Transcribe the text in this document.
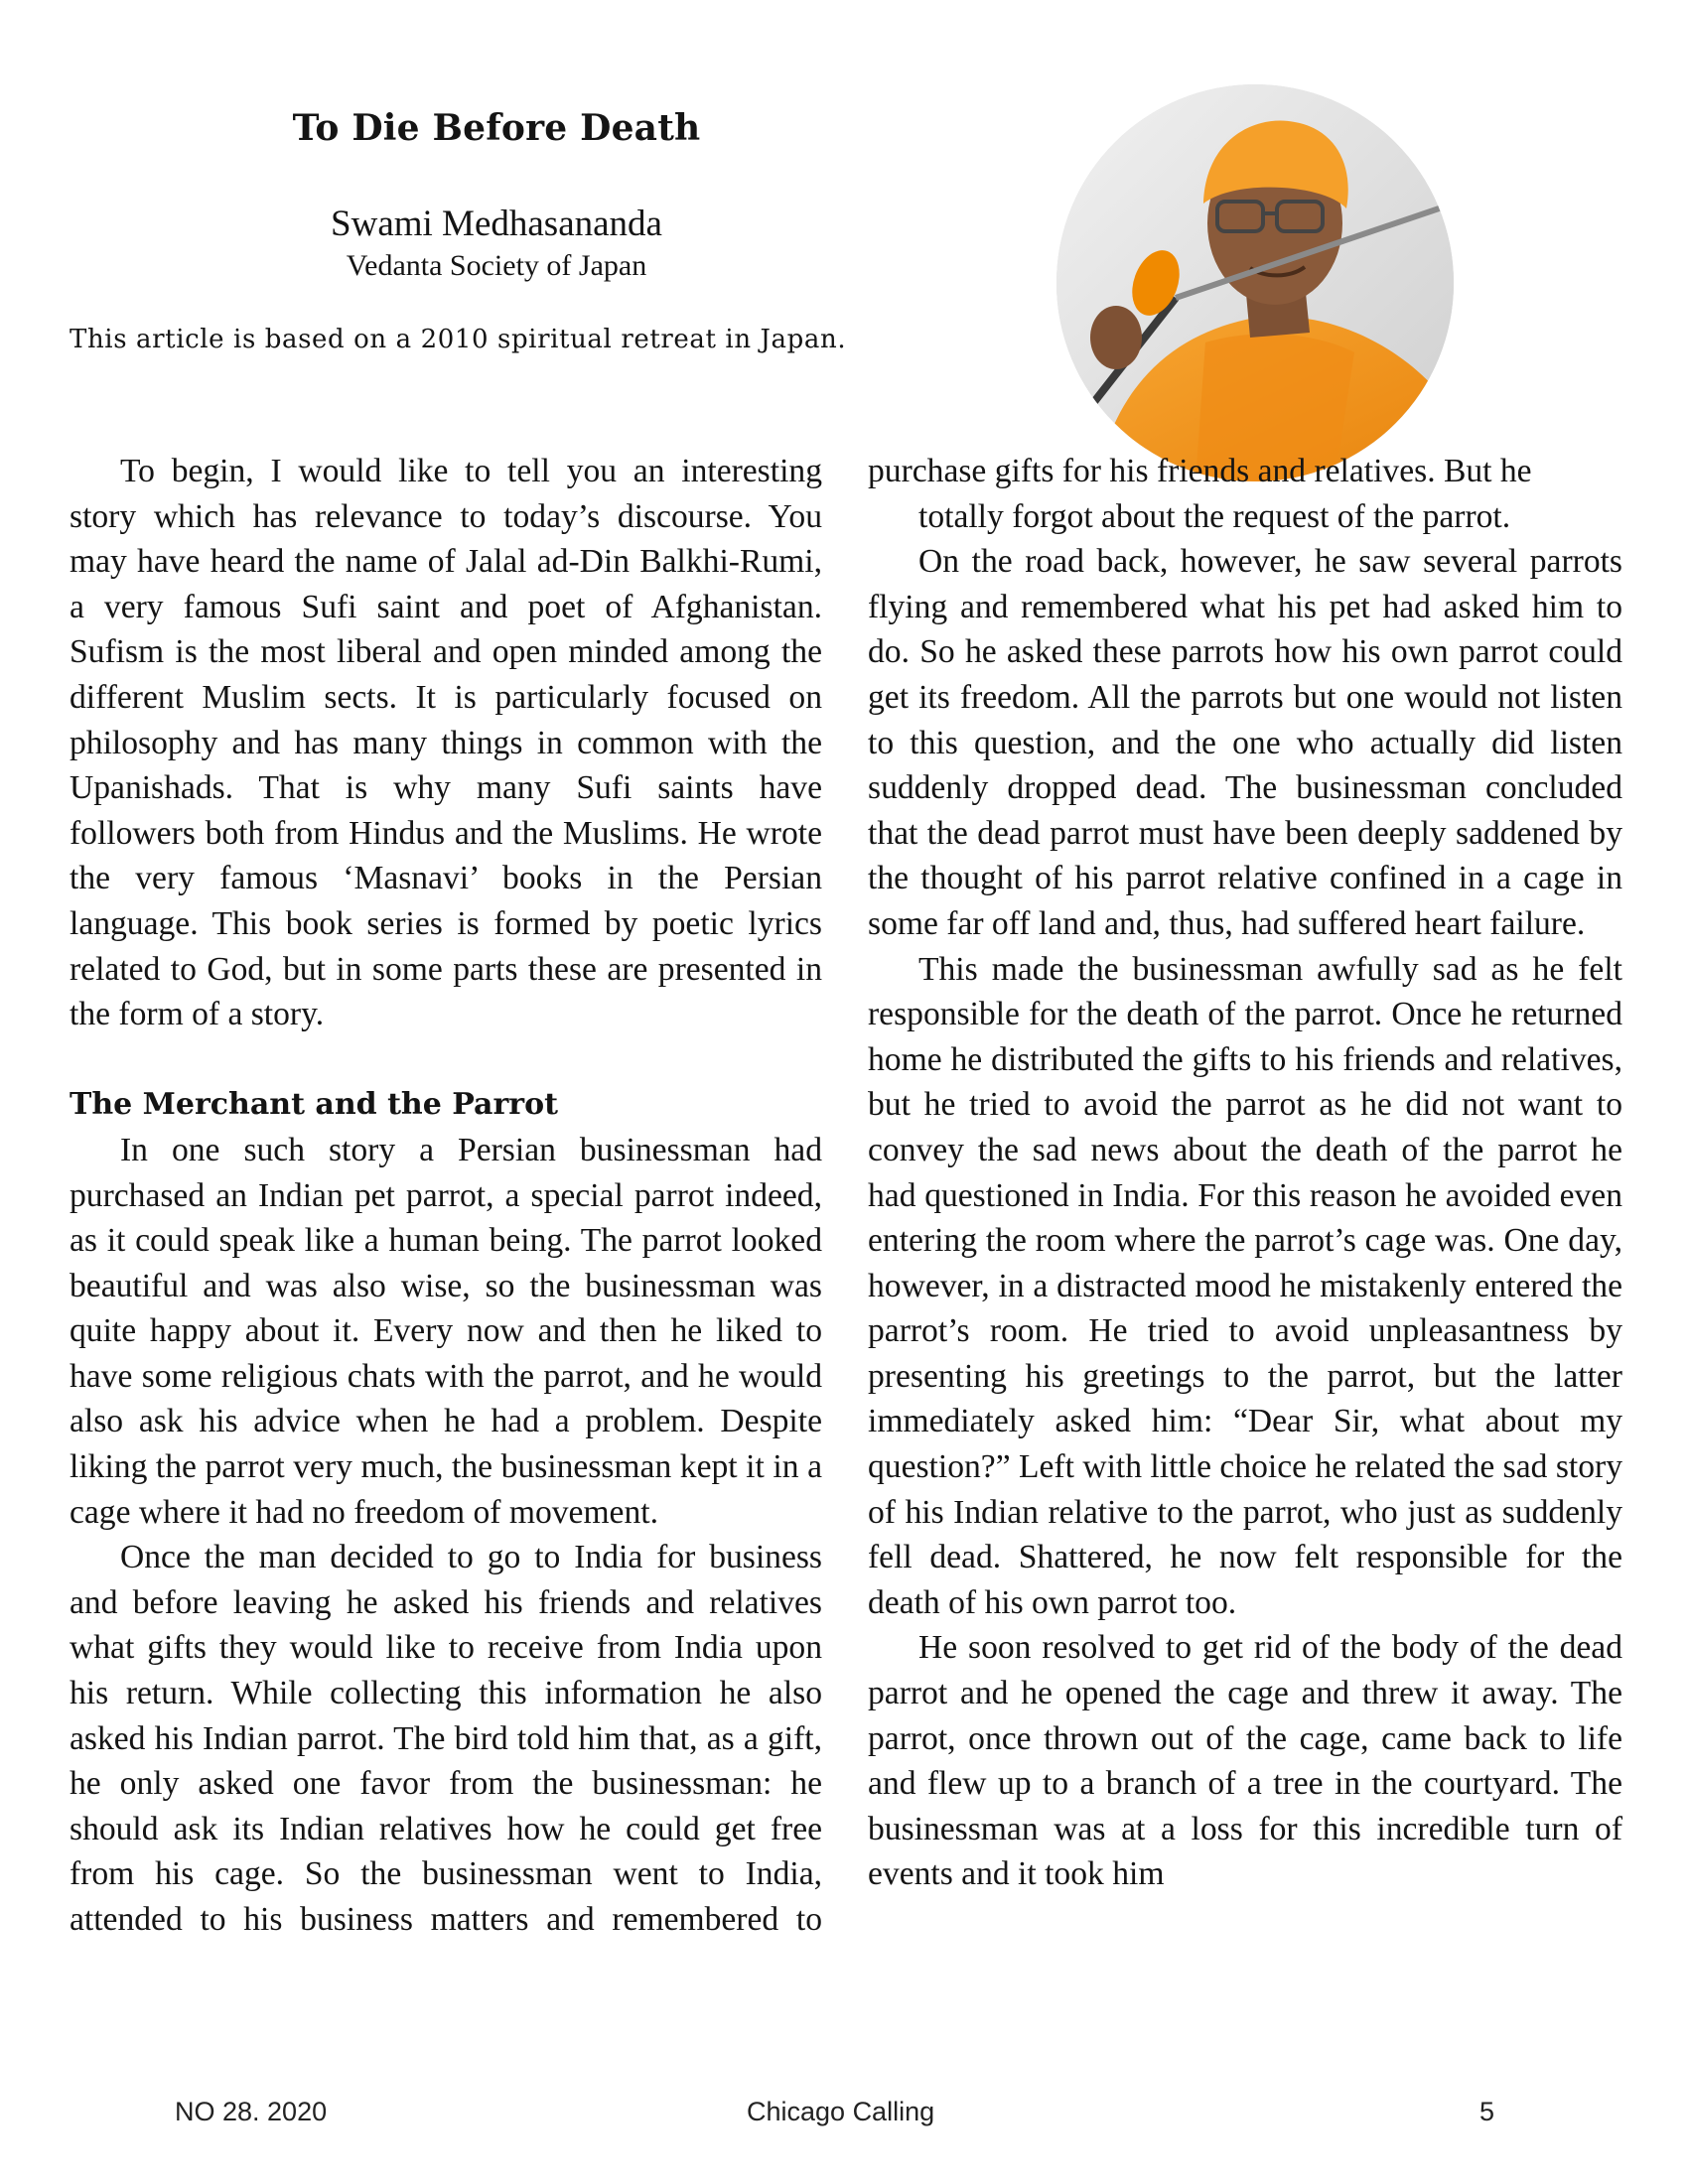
To Die Before Death
Swami Medhasananda
Vedanta Society of Japan
This article is based on a 2010 spiritual retreat in Japan.

To begin, I would like to tell you an interesting story which has relevance to today’s discourse. You may have heard the name of Jalal ad-Din Balkhi-Rumi, a very famous Sufi saint and poet of Afghanistan. Sufism is the most liberal and open minded among the different Muslim sects. It is particularly focused on philosophy and has many things in common with the Upanishads. That is why many Sufi saints have followers both from Hindus and the Muslims. He wrote the very famous ‘Masnavi’ books in the Persian language. This book series is formed by poetic lyrics related to God, but in some parts these are presented in the form of a story.

The Merchant and the Parrot

In one such story a Persian businessman had purchased an Indian pet parrot, a special parrot indeed, as it could speak like a human being. The parrot looked beautiful and was also wise, so the businessman was quite happy about it. Every now and then he liked to have some religious chats with the parrot, and he would also ask his advice when he had a problem. Despite liking the parrot very much, the businessman kept it in a cage where it had no freedom of movement.

Once the man decided to go to India for business and before leaving he asked his friends and relatives what gifts they would like to receive from India upon his return. While collecting this information he also asked his Indian parrot. The bird told him that, as a gift, he only asked one favor from the businessman: he should ask its Indian relatives how he could get free from his cage. So the businessman went to India, attended to his business matters and remembered to

purchase gifts for his friends and relatives. But he

totally forgot about the request of the parrot.

On the road back, however, he saw several parrots flying and remembered what his pet had asked him to do. So he asked these parrots how his own parrot could get its freedom. All the parrots but one would not listen to this question, and the one who actually did listen suddenly dropped dead. The businessman concluded that the dead parrot must have been deeply saddened by the thought of his parrot relative confined in a cage in some far off land and, thus, had suffered heart failure.

This made the businessman awfully sad as he felt responsible for the death of the parrot. Once he returned home he distributed the gifts to his friends and relatives, but he tried to avoid the parrot as he did not want to convey the sad news about the death of the parrot he had questioned in India. For this reason he avoided even entering the room where the parrot’s cage was. One day, however, in a distracted mood he mistakenly entered the parrot’s room. He tried to avoid unpleasantness by presenting his greetings to the parrot, but the latter immediately asked him: “Dear Sir, what about my question?” Left with little choice he related the sad story of his Indian relative to the parrot, who just as suddenly fell dead. Shattered, he now felt responsible for the death of his own parrot too.

He soon resolved to get rid of the body of the dead parrot and he opened the cage and threw it away. The parrot, once thrown out of the cage, came back to life and flew up to a branch of a tree in the courtyard. The businessman was at a loss for this incredible turn of events and it took him

NO 28. 2020	Chicago Calling	5
